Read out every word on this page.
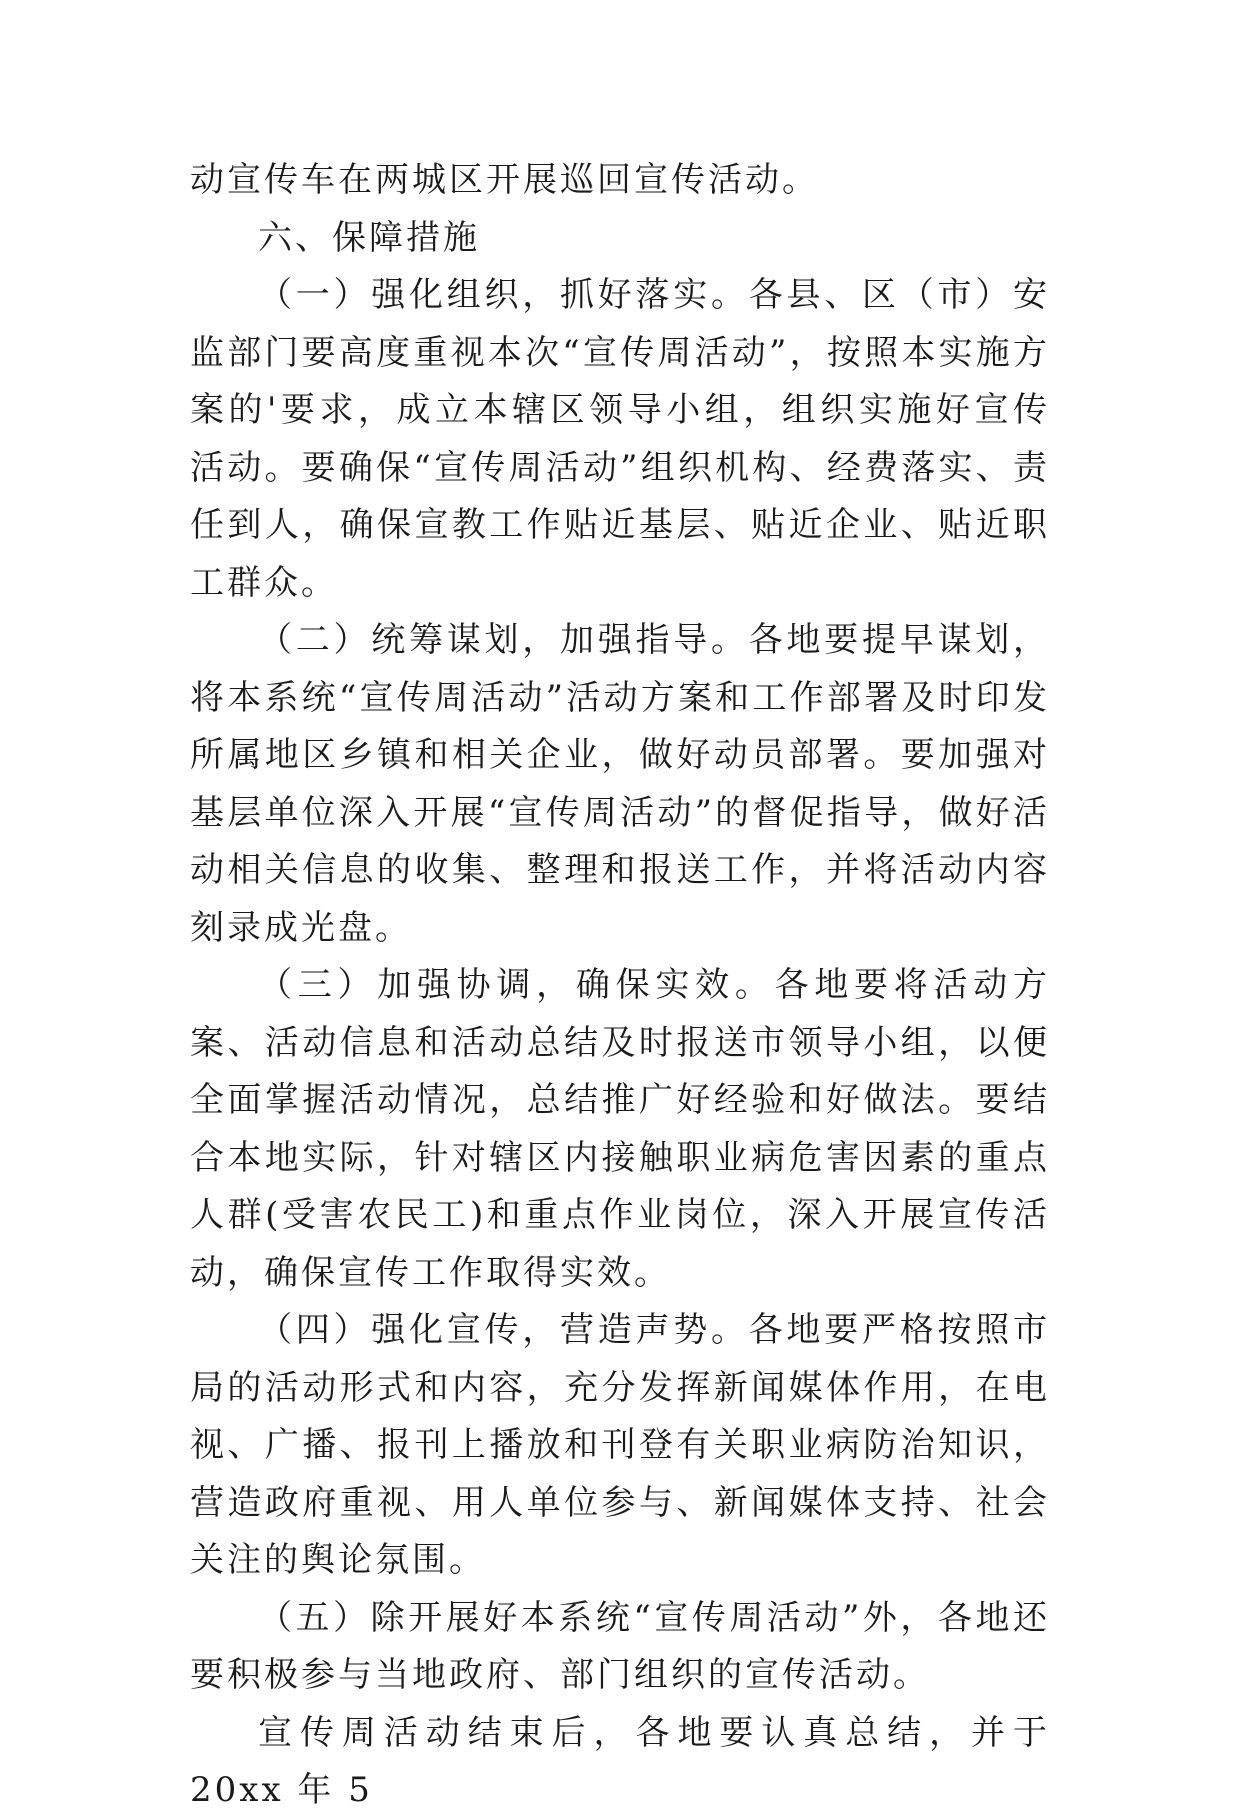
动宣传车在两城区开展巡回宣传活动。

六、保障措施

（一）强化组织，抓好落实。各县、区（市）安监部门要高度重视本次“宣传周活动”，按照本实施方案的'要求，成立本辖区领导小组，组织实施好宣传活动。要确保“宣传周活动”组织机构、经费落实、责任到人，确保宣教工作贴近基层、贴近企业、贴近职工群众。

（二）统筹谋划，加强指导。各地要提早谋划，将本系统“宣传周活动”活动方案和工作部署及时印发所属地区乡镇和相关企业，做好动员部署。要加强对基层单位深入开展“宣传周活动”的督促指导，做好活动相关信息的收集、整理和报送工作，并将活动内容刻录成光盘。

（三）加强协调，确保实效。各地要将活动方案、活动信息和活动总结及时报送市领导小组，以便全面掌握活动情况，总结推广好经验和好做法。要结合本地实际，针对辖区内接触职业病危害因素的重点人群(受害农民工)和重点作业岗位，深入开展宣传活动，确保宣传工作取得实效。

（四）强化宣传，营造声势。各地要严格按照市局的活动形式和内容，充分发挥新闻媒体作用，在电视、广播、报刊上播放和刊登有关职业病防治知识，营造政府重视、用人单位参与、新闻媒体支持、社会关注的舆论氛围。

（五）除开展好本系统“宣传周活动”外，各地还要积极参与当地政府、部门组织的宣传活动。

宣传周活动结束后，各地要认真总结，并于 20xx 年 5
